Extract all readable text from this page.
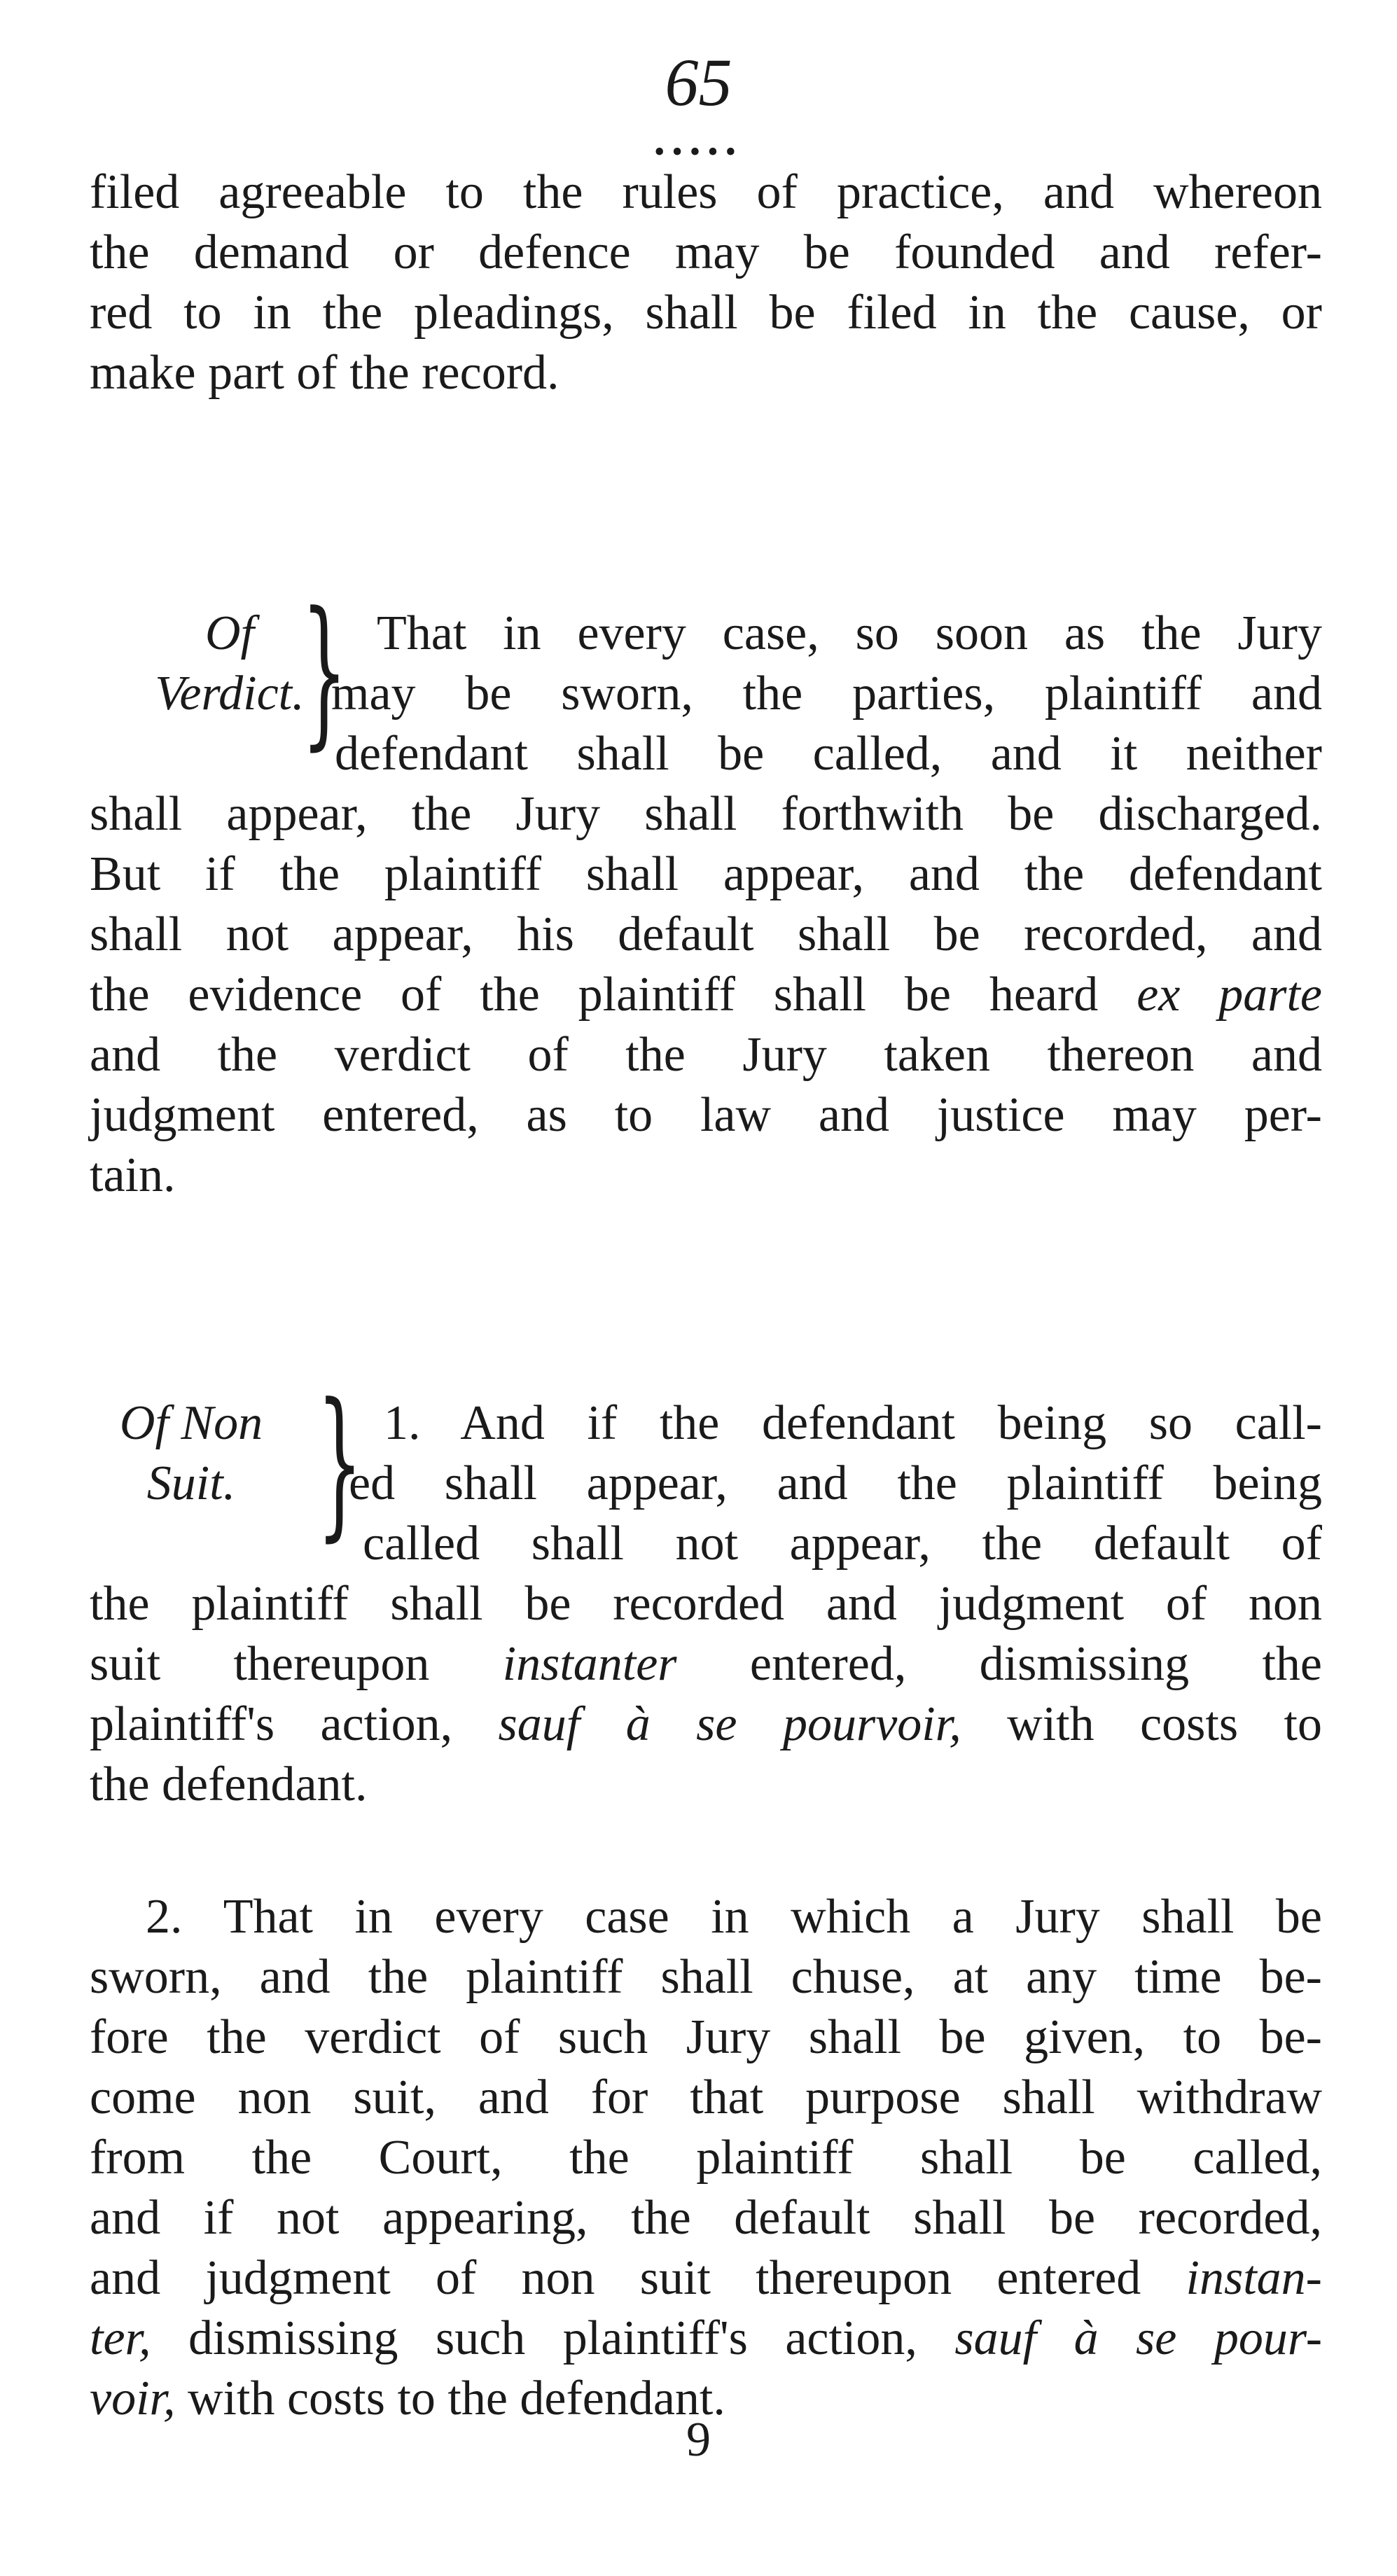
65
•••••
filed agreeable to the rules of practice, and whereon
the demand or defence may be founded and refer-
red to in the pleadings, shall be filed in the cause, or
make part of the record.
Of
Verdict.
} That in every case, so soon as the Jury
may be sworn, the parties, plaintiff and
defendant shall be called, and it neither
shall appear, the Jury shall forthwith be discharged.
But if the plaintiff shall appear, and the defendant
shall not appear, his default shall be recorded, and
the evidence of the plaintiff shall be heard ex parte
and the verdict of the Jury taken thereon and
judgment entered, as to law and justice may per-
tain.
Of Non
Suit. } 1. And if the defendant being so call-
ed shall appear, and the plaintiff being
called shall not appear, the default of
the plaintiff shall be recorded and judgment of non
suit thereupon instanter entered, dismissing the
plaintiff's action, sauf à se pourvoir, with costs to
the defendant.
2. That in every case in which a Jury shall be
sworn, and the plaintiff shall chuse, at any time be-
fore the verdict of such Jury shall be given, to be-
come non suit, and for that purpose shall withdraw
from the Court, the plaintiff shall be called,
and if not appearing, the default shall be recorded,
and judgment of non suit thereupon entered instan-
ter, dismissing such plaintiff's action, sauf à se pour-
voir, with costs to the defendant.
9
